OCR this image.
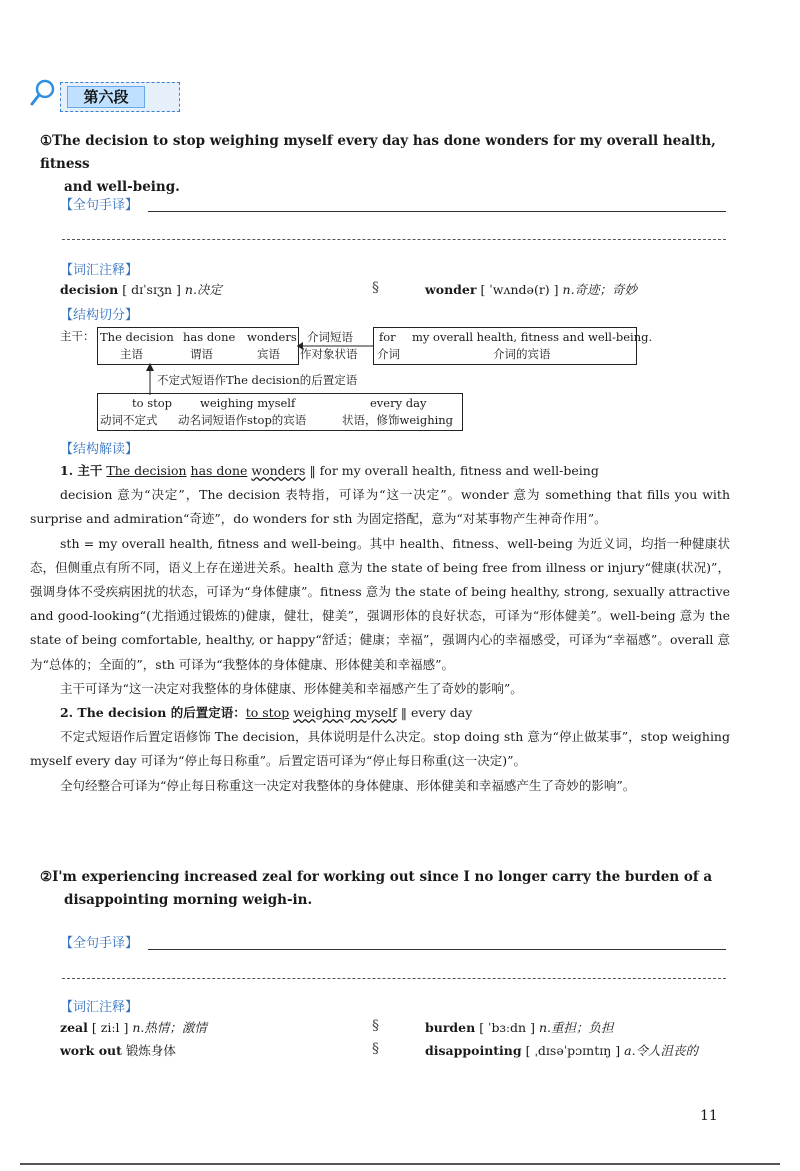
第六段
①The decision to stop weighing myself every day has done wonders for my overall health, fitness
and well-being.
【全句手译】
【词汇注释】
decision [ dɪˈsɪʒn ] n.决定	§	wonder [ ˈwʌndə(r) ] n.奇迹；奇妙
【结构切分】
主干： The decision has done wonders
主语	谓语	宾语
介词短语
作对象状语
for my overall health, fitness and well-being.
介词	介词的宾语
不定式短语作The decision的后置定语
to stop weighing myself	every day
动词不定式 动名词短语作stop的宾语	状语，修饰weighing
【结构解读】
1. 主干 The decision has done wonders ‖ for my overall health, fitness and well-being
decision 意为“决定”，The decision 表特指，可译为“这一决定”。wonder 意为 something that fills you with surprise and admiration“奇迹”，do wonders for sth 为固定搭配，意为“对某事物产生神奇作用”。
sth = my overall health, fitness and well-being。其中 health、fitness、well-being 为近义词，均指一种健康状态，但侧重点有所不同，语义上存在递进关系。health 意为 the state of being free from illness or injury“健康(状况)”，强调身体不受疾病困扰的状态，可译为“身体健康”。fitness 意为 the state of being healthy, strong, sexually attractive and good-looking“(尤指通过锻炼的)健康，健壮，健美”，强调形体的良好状态，可译为“形体健美”。well-being 意为 the state of being comfortable, healthy, or happy“舒适；健康；幸福”，强调内心的幸福感受，可译为“幸福感”。overall 意为“总体的；全面的”，sth 可译为“我整体的身体健康、形体健美和幸福感”。
主干可译为“这一决定对我整体的身体健康、形体健美和幸福感产生了奇妙的影响”。
2. The decision 的后置定语：to stop weighing myself ‖ every day
不定式短语作后置定语修饰 The decision，具体说明是什么决定。stop doing sth 意为“停止做某事”，stop weighing myself every day 可译为“停止每日称重”。后置定语可译为“停止每日称重(这一决定)”。
全句经整合可译为“停止每日称重这一决定对我整体的身体健康、形体健美和幸福感产生了奇妙的影响”。
②I'm experiencing increased zeal for working out since I no longer carry the burden of a
disappointing morning weigh-in.
【全句手译】
【词汇注释】
zeal [ ziːl ] n.热情；激情	§	burden [ ˈbɜːdn ] n.重担；负担
work out 锻炼身体	§	disappointing [ ˌdɪsəˈpɔɪntɪŋ ] a.令人沮丧的
11
